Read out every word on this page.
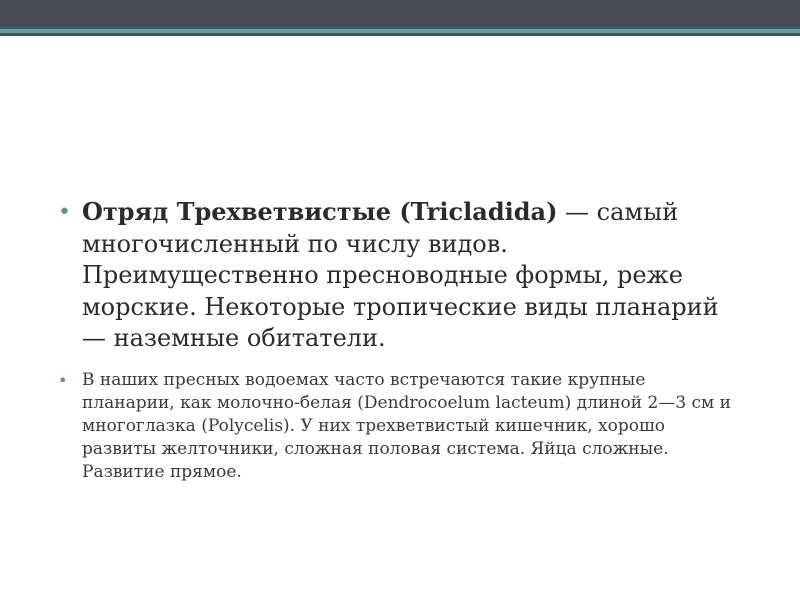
• Отряд Трехветвистые (Tricladida) — самый многочисленный по числу видов. Преимущественно пресноводные формы, реже морские. Некоторые тропические виды планарий — наземные обитатели.
• В наших пресных водоемах часто встречаются такие крупные планарии, как молочно-белая (Dendrocoelum lacteum) длиной 2—3 см и многоглазка (Polycelis). У них трехветвистый кишечник, хорошо развиты желточники, сложная половая система. Яйца сложные. Развитие прямое.
